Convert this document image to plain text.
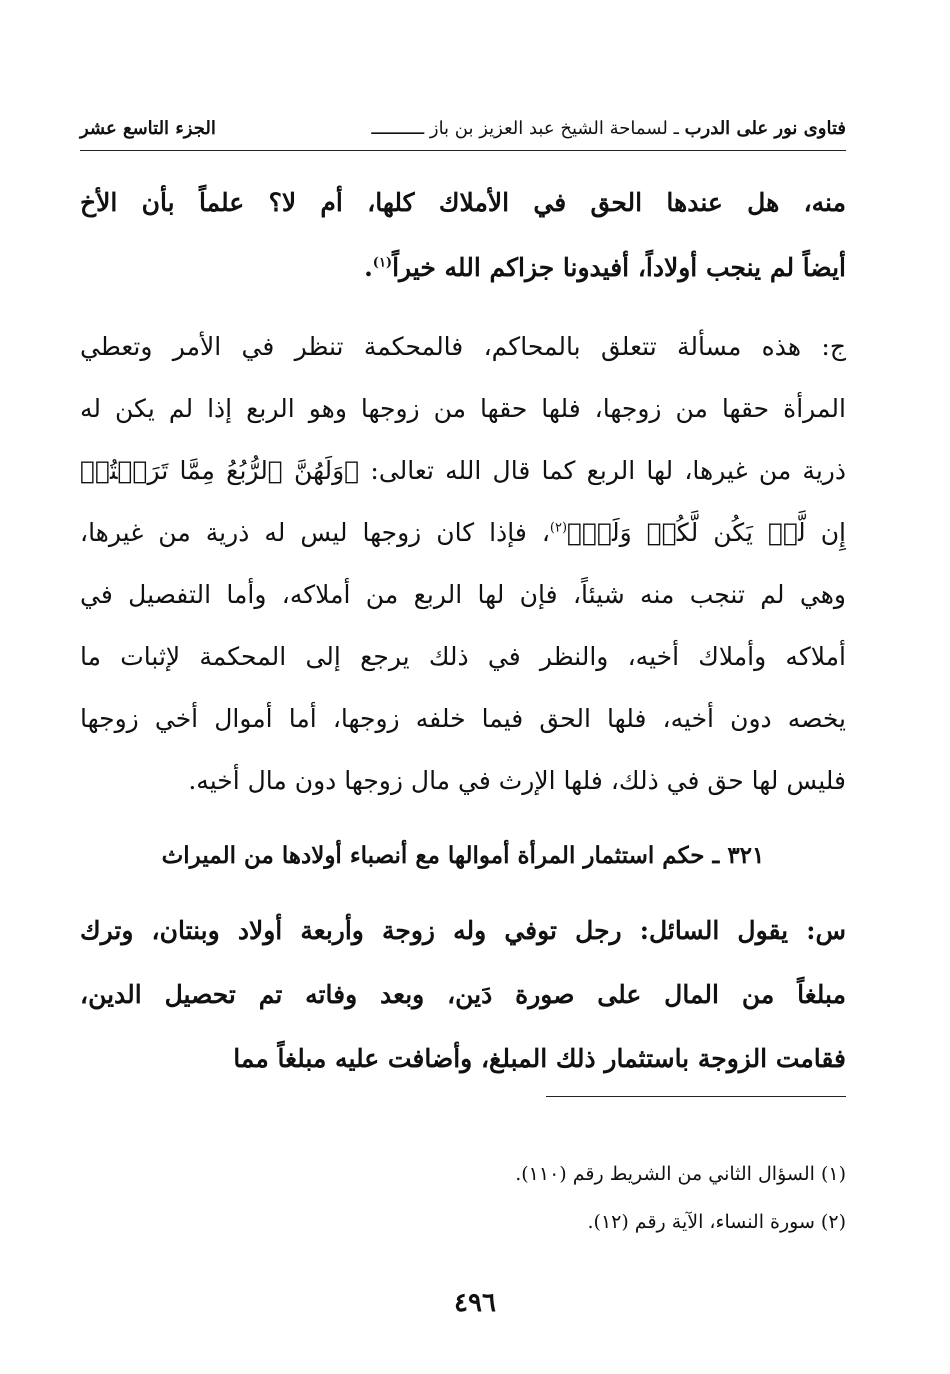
فتاوى نور على الدرب ـ لسماحة الشيخ عبد العزيز بن باز ــــــــــ
الجزء التاسع عشر
منه، هل عندها الحق في الأملاك كلها، أم لا؟ علماً بأن الأخ
أيضاً لم ينجب أولاداً، أفيدونا جزاكم الله خيراً$^{(١)}$.
ج: هذه مسألة تتعلق بالمحاكم، فالمحكمة تنظر في الأمر وتعطي
المرأة حقها من زوجها، فلها حقها من زوجها وهو الربع إذا لم يكن له
ذرية من غيرها، لها الربع كما قال الله تعالى: ﴿وَلَهُنَّ ٱلرُّبُعُ مِمَّا تَرَكۡتُمۡ
إِن لَّمۡ يَكُن لَّكُمۡ وَلَدٞ﴾$^{(٢)}$، فإذا كان زوجها ليس له ذرية من غيرها،
وهي لم تنجب منه شيئاً، فإن لها الربع من أملاكه، وأما التفصيل في
أملاكه وأملاك أخيه، والنظر في ذلك يرجع إلى المحكمة لإثبات ما
يخصه دون أخيه، فلها الحق فيما خلفه زوجها، أما أموال أخي زوجها
فليس لها حق في ذلك، فلها الإرث في مال زوجها دون مال أخيه.
٣٢١ ـ حكم استثمار المرأة أموالها مع أنصباء أولادها من الميراث
س: يقول السائل: رجل توفي وله زوجة وأربعة أولاد وبنتان، وترك
مبلغاً من المال على صورة دَين، وبعد وفاته تم تحصيل الدين،
فقامت الزوجة باستثمار ذلك المبلغ، وأضافت عليه مبلغاً مما
(١) السؤال الثاني من الشريط رقم (١١٠).
(٢) سورة النساء، الآية رقم (١٢).
٤٩٦
